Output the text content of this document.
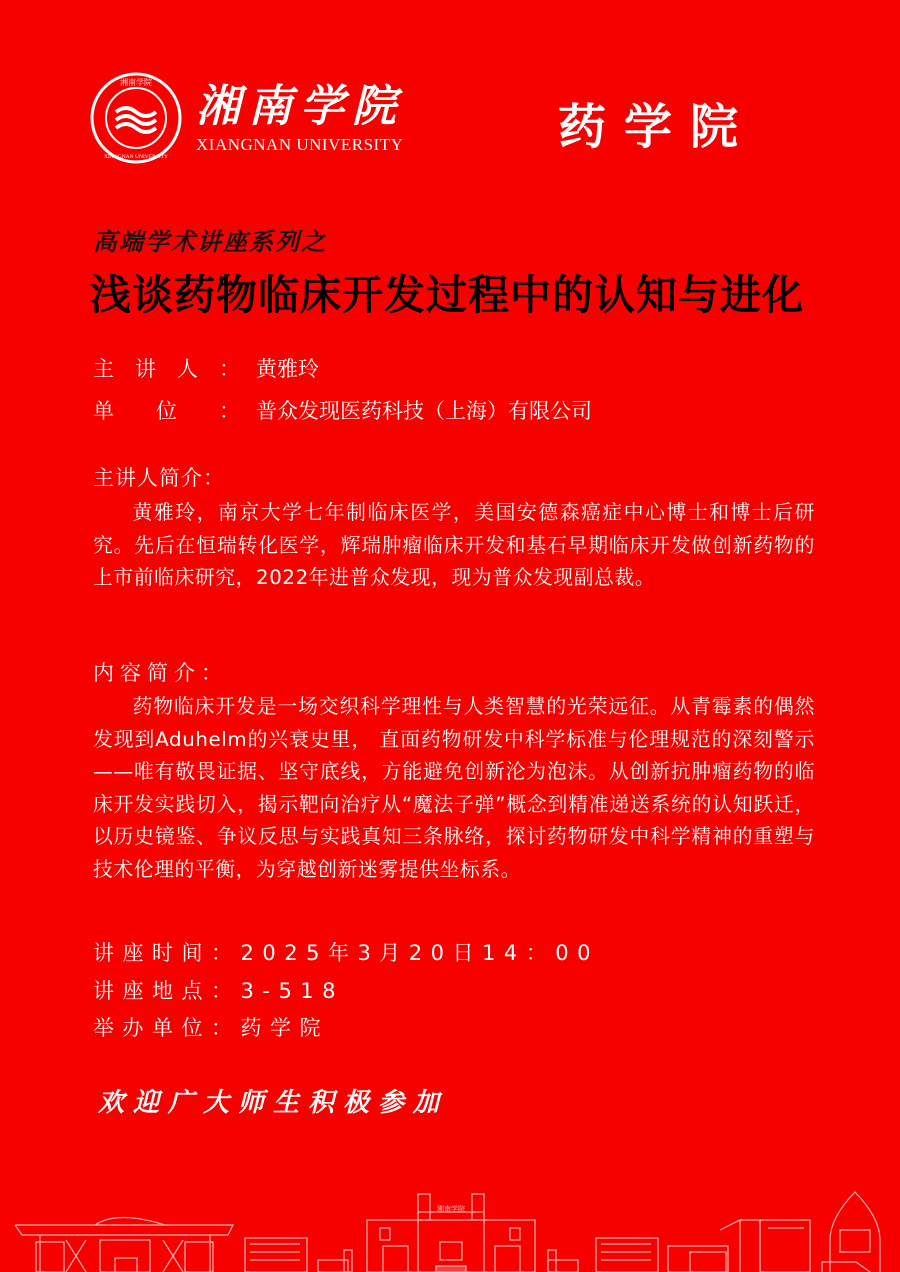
湘南学院
XIANGNAN UNIVERSITY
湘南学院
XIANGNAN UNIVERSITY	药学院
高端学术讲座系列之
浅谈药物临床开发过程中的认知与进化
主 讲 人 ： 黄雅玲
单 位 ： 普众发现医药科技（上海）有限公司
主讲人简介：
黄雅玲，南京大学七年制临床医学，美国安德森癌症中心博士和博士后研究。先后在恒瑞转化医学，辉瑞肿瘤临床开发和基石早期临床开发做创新药物的上市前临床研究，2022年进普众发现，现为普众发现副总裁。
内容简介：
药物临床开发是一场交织科学理性与人类智慧的光荣远征。从青霉素的偶然发现到Aduhelm的兴衰史里， 直面药物研发中科学标准与伦理规范的深刻警示——唯有敬畏证据、坚守底线，方能避免创新沦为泡沫。从创新抗肿瘤药物的临床开发实践切入，揭示靶向治疗从“魔法子弹”概念到精准递送系统的认知跃迁，以历史镜鉴、争议反思与实践真知三条脉络，探讨药物研发中科学精神的重塑与技术伦理的平衡，为穿越创新迷雾提供坐标系。
讲座时间：2025年3月20日14：00
讲座地点：3-518
举办单位：药学院
欢迎广大师生积极参加
湘南学院
